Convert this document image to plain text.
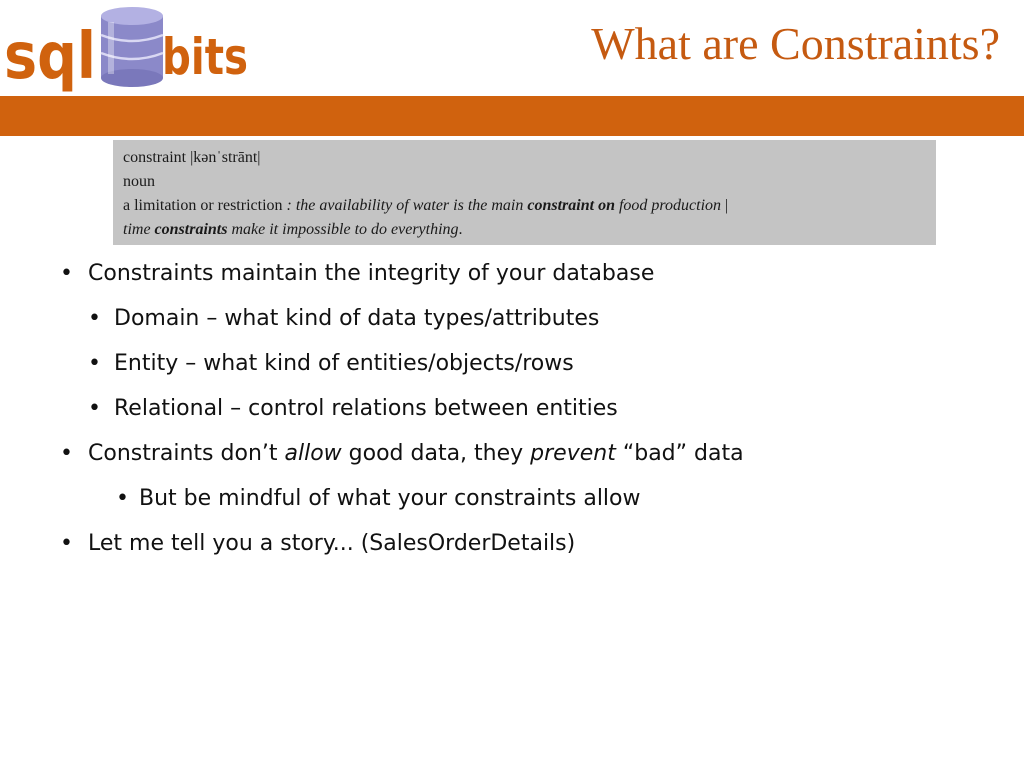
sql bits	What are Constraints?
constraint |kənˈstrānt|
noun
a limitation or restriction : the availability of water is the main constraint on food production |
time constraints make it impossible to do everything.
• Constraints maintain the integrity of your database
• Domain – what kind of data types/attributes
• Entity – what kind of entities/objects/rows
• Relational – control relations between entities
• Constraints don’t allow good data, they prevent “bad” data
• But be mindful of what your constraints allow
• Let me tell you a story... (SalesOrderDetails)
